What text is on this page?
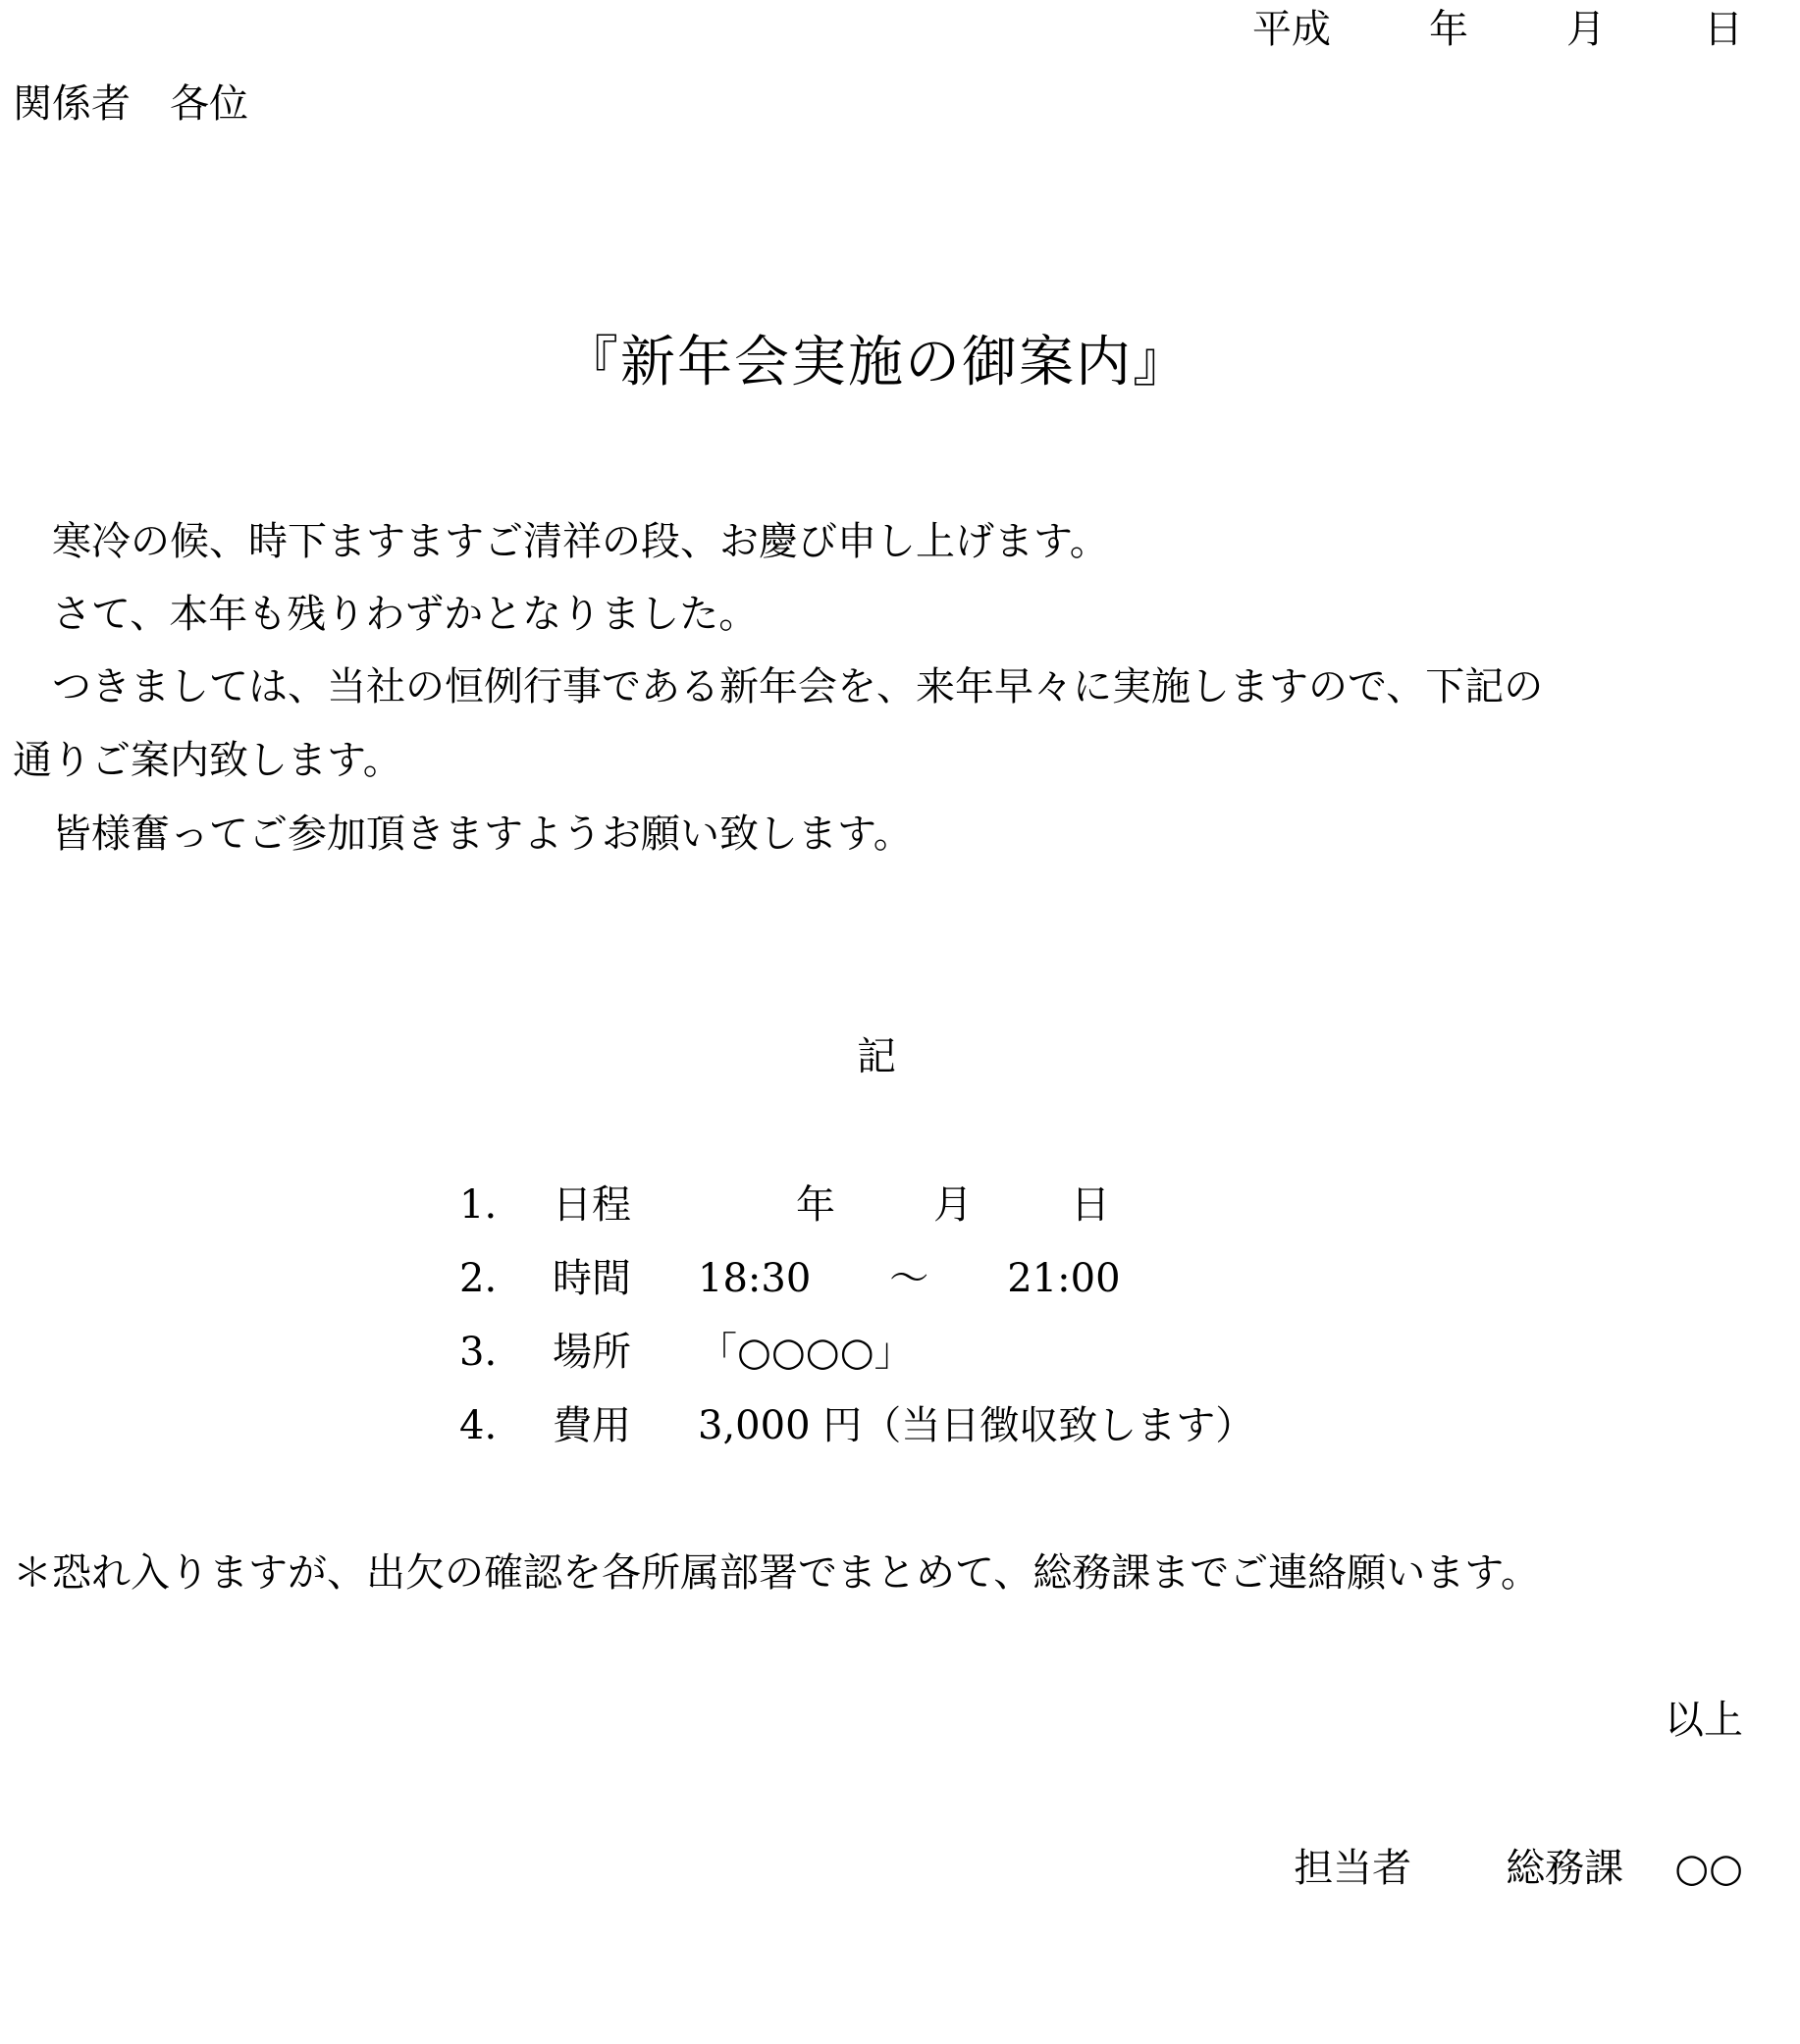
平成	年	月	日
関係者　各位
『新年会実施の御案内』
　寒冷の候、時下ますますご清祥の段、お慶び申し上げます。
　さて、本年も残りわずかとなりました。
　つきましては、当社の恒例行事である新年会を、来年早々に実施しますので、下記の
通りご案内致します。
　皆様奮ってご参加頂きますようお願い致します。
記
1. 日程	年	月	日
2. 時間 18:30　　～　　21:00
3. 場所 「○○○○」
4. 費用 3,000 円（当日徴収致します）
＊恐れ入りますが、出欠の確認を各所属部署でまとめて、総務課までご連絡願います。
以上
担当者 総務課 ○○
